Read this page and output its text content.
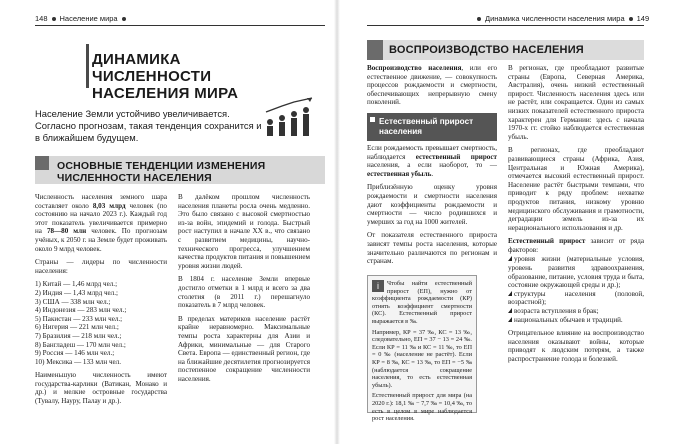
148 Население мира
ДИНАМИКА ЧИСЛЕННОСТИ НАСЕЛЕНИЯ МИРА
Население Земли устойчиво увеличивается. Согласно прогнозам, такая тенденция сохранится и в ближайшем будущем.
ОСНОВНЫЕ ТЕНДЕНЦИИ ИЗМЕНЕНИЯ ЧИСЛЕННОСТИ НАСЕЛЕНИЯ

Численность населения земного шара составляет около 8,03 млрд человек (по состоянию на начало 2023 г.). Каждый год этот показатель увеличивается примерно на 78—80 млн человек. По прогнозам учёных, к 2050 г. на Земле будет проживать около 9 млрд человек.

Страны — лидеры по численности населения:

1) Китай — 1,46 млрд чел.;
2) Индия — 1,43 млрд чел.;
3) США — 338 млн чел.;
4) Индонезия — 283 млн чел.;
5) Пакистан — 233 млн чел.;
6) Нигерия — 221 млн чел.;
7) Бразилия — 218 млн чел.;
8) Бангладеш — 170 млн чел.;
9) Россия — 146 млн чел.;
10) Мексика — 133 млн чел.

Наименьшую численность имеют государства-карлики (Ватикан, Монако и др.) и мелкие островные государства (Тувалу, Науру, Палау и др.).

В далёком прошлом численность населения планеты росла очень медленно. Это было связано с высокой смертностью из-за войн, эпидемий и голода. Быстрый рост наступил в начале XX в., что связано с развитием медицины, научно-технического прогресса, улучшением качества продуктов питания и повышением уровня жизни людей.

В 1804 г. население Земли впервые достигло отметки в 1 млрд и всего за два столетия (в 2011 г.) перешагнуло показатель в 7 млрд человек.

В пределах материков население растёт крайне неравномерно. Максимальные темпы роста характерны для Азии и Африки, минимальные — для Старого Света. Европа — единственный регион, где на ближайшие десятилетия прогнозируется постепенное сокращение численности населения.

Динамика численности населения мира 149
ВОСПРОИЗВОДСТВО НАСЕЛЕНИЯ

Воспроизводство населения, или его естественное движение, — совокупность процессов рождаемости и смертности, обеспечивающих непрерывную смену поколений.

Естественный прирост населения

Если рождаемость превышает смертность, наблюдается естественный прирост населения, а если наоборот, то — естественная убыль.

Приблизённую оценку уровня рождаемости и смертности населения дают коэффициенты рождаемости и смертности — число родившихся и умерших за год на 1000 жителей.

От показателя естественного прироста зависят темпы роста населения, которые значительно различаются по регионам и странам.

i	Чтобы найти естественный прирост (ЕП), нужно от коэффициента рождаемости (КР) отнять коэффициент смертности (КС). Естественный прирост выражается в ‰.

Например, КР = 37 ‰, КС = 13 ‰, следовательно, ЕП = 37 − 13 = 24 ‰. Если КР = 11 ‰ и КС = 11 ‰, то ЕП = 0 ‰ (население не растёт). Если КР = 8 ‰, КС = 13 ‰, то ЕП = −5 ‰ (наблюдается сокращение населения, то есть естественная убыль).

Естественный прирост для мира (на 2020 г.): 18,1 ‰ − 7,7 ‰ = 10,4 ‰, то есть в целом в мире наблюдается рост населения.

В регионах, где преобладают развитые страны (Европа, Северная Америка, Австралия), очень низкий естественный прирост. Численность населения здесь или не растёт, или сокращается. Один из самых низких показателей естественного прироста характерен для Германии: здесь с начала 1970-х гг. стойко наблюдается естественная убыль.

В регионах, где преобладают развивающиеся страны (Африка, Азия, Центральная и Южная Америка), отмечается высокий естественный прирост. Население растёт быстрыми темпами, что приводит к ряду проблем: нехватке продуктов питания, низкому уровню медицинского обслуживания и грамотности, деградации земель из-за их нерационального использования и др.

Естественный прирост зависит от ряда факторов:

уровня жизни (материальные условия, уровень развития здравоохранения, образование, питание, условия труда и быта, состояние окружающей среды и др.);
структуры населения (половой, возрастной);
возраста вступления в брак;
национальных обычаев и традиций.

Отрицательное влияние на воспроизводство населения оказывают войны, которые приводят к людским потерям, а также распространение голода и болезней.
